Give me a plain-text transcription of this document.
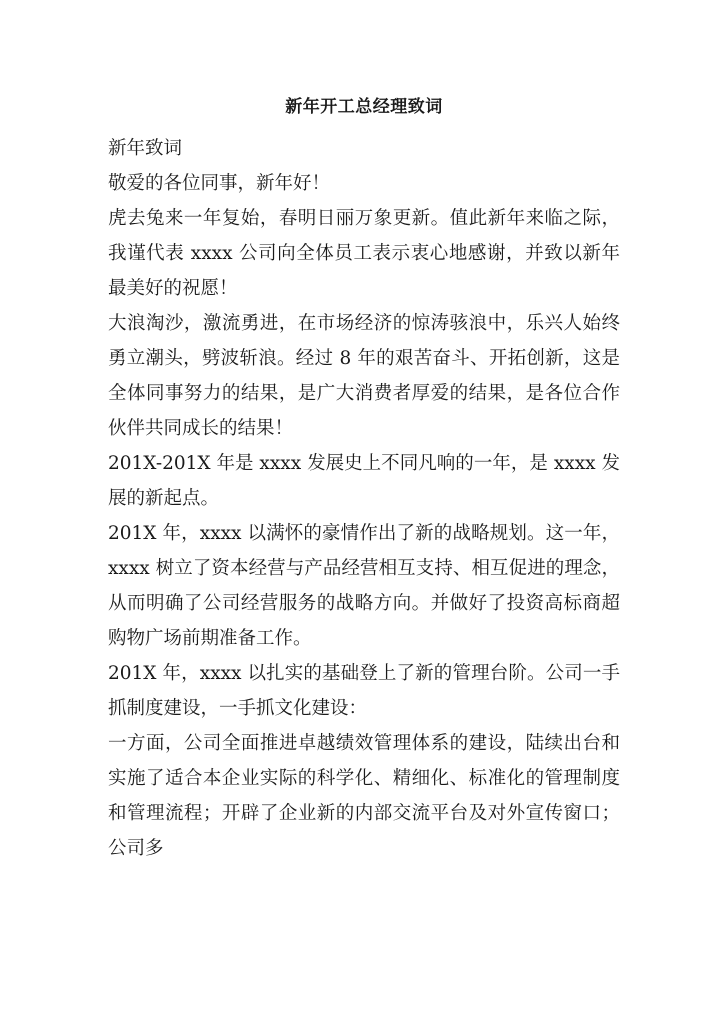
新年开工总经理致词

新年致词

敬爱的各位同事，新年好！

虎去兔来一年复始，春明日丽万象更新。值此新年来临之际，我谨代表 xxxx 公司向全体员工表示衷心地感谢，并致以新年最美好的祝愿！

大浪淘沙，激流勇进，在市场经济的惊涛骇浪中，乐兴人始终勇立潮头，劈波斩浪。经过 8 年的艰苦奋斗、开拓创新，这是全体同事努力的结果，是广大消费者厚爱的结果，是各位合作伙伴共同成长的结果！

201X-201X 年是 xxxx 发展史上不同凡响的一年，是 xxxx 发展的新起点。

201X 年，xxxx 以满怀的豪情作出了新的战略规划。这一年，xxxx 树立了资本经营与产品经营相互支持、相互促进的理念，从而明确了公司经营服务的战略方向。并做好了投资高标商超购物广场前期准备工作。

201X 年，xxxx 以扎实的基础登上了新的管理台阶。公司一手抓制度建设，一手抓文化建设：

一方面，公司全面推进卓越绩效管理体系的建设，陆续出台和实施了适合本企业实际的科学化、精细化、标准化的管理制度和管理流程；开辟了企业新的内部交流平台及对外宣传窗口；公司多
